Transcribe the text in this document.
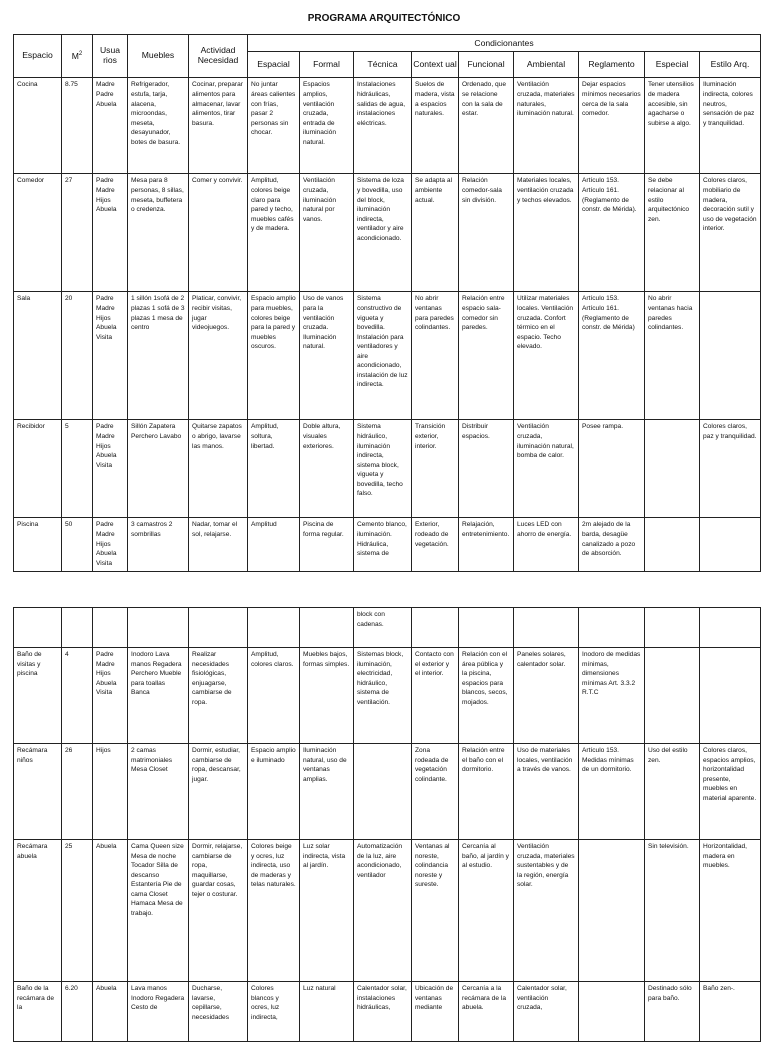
PROGRAMA ARQUITECTÓNICO
Espacio	$M^2$	Usua rios	Muebles	Actividad Necesidad	Condicionantes								
					Espacial	Formal	Técnica	Context ual	Funcional	Ambiental	Reglamento	Especial	Estilo Arq.
Cocina	8.75	Madre Padre Abuela	Refrigerador, estufa, tarja, alacena, microondas, meseta, desayunador, botes de basura.	Cocinar, preparar alimentos para almacenar, lavar alimentos, tirar basura.	No juntar áreas calientes con frías, pasar 2 personas sin chocar.	Espacios amplios, ventilación cruzada, entrada de iluminación natural.	Instalaciones hidráulicas, salidas de agua, instalaciones eléctricas.	Suelos de madera, vista a espacios naturales.	Ordenado, que se relacione con la sala de estar.	Ventilación cruzada, materiales naturales, iluminación natural.	Dejar espacios mínimos necesarios cerca de la sala comedor.	Tener utensilios de madera accesible, sin agacharse o subirse a algo.	Iluminación indirecta, colores neutros, sensación de paz y tranquilidad.
Comedor	27	Padre Madre Hijos Abuela	Mesa para 8 personas, 8 sillas, meseta, buffetera o credenza.	Comer y convivir.	Amplitud, colores beige claro para pared y techo, muebles cafés y de madera.	Ventilación cruzada, iluminación natural por vanos.	Sistema de loza y bovedilla, uso del block, iluminación indirecta, ventilador y aire acondicionado.	Se adapta al ambiente actual.	Relación comedor-sala sin división.	Materiales locales, ventilación cruzada y techos elevados.	Artículo 153. Artículo 161. (Reglamento de constr. de Mérida).	Se debe relacionar al estilo arquitectónico zen.	Colores claros, mobiliario de madera, decoración sutil y uso de vegetación interior.
Sala	20	Padre Madre Hijos Abuela Visita	1 sillón 1sofá de 2 plazas 1 sofá de 3 plazas 1 mesa de centro	Platicar, convivir, recibir visitas, jugar videojuegos.	Espacio amplio para muebles, colores beige para la pared y muebles oscuros.	Uso de vanos para la ventilación cruzada. Iluminación natural.	Sistema constructivo de vigueta y bovedilla. Instalación para ventiladores y aire acondicionado, instalación de luz indirecta.	No abrir ventanas para paredes colindantes.	Relación entre espacio sala-comedor sin paredes.	Utilizar materiales locales. Ventilación cruzada. Confort térmico en el espacio. Techo elevado.	Artículo 153. Artículo 161. (Reglamento de constr. de Mérida)	No abrir ventanas hacia paredes colindantes.	
Recibidor	5	Padre Madre Hijos Abuela Visita	Sillón Zapatera Perchero Lavabo	Quitarse zapatos o abrigo, lavarse las manos.	Amplitud, soltura, libertad.	Doble altura, visuales exteriores.	Sistema hidráulico, iluminación indirecta, sistema block, vigueta y bovedilla, techo falso.	Transición exterior, interior.	Distribuir espacios.	Ventilación cruzada, iluminación natural, bomba de calor.	Posee rampa.		Colores claros, paz y tranquilidad.
Piscina	50	Padre Madre Hijos Abuela Visita	3 camastros 2 sombrillas	Nadar, tomar el sol, relajarse.	Amplitud	Piscina de forma regular.	Cemento blanco, iluminación. Hidráulica, sistema de	Exterior, rodeado de vegetación.	Relajación, entretenimiento.	Luces LED con ahorro de energía.	2m alejado de la barda, desagüe canalizado a pozo de absorción.		
							block con cadenas.						
Baño de visitas y piscina	4	Padre Madre Hijos Abuela Visita	Inodoro Lava manos Regadera Perchero Mueble para toallas Banca	Realizar necesidades fisiológicas, enjuagarse, cambiarse de ropa.	Amplitud, colores claros.	Muebles bajos, formas simples.	Sistemas block, iluminación, electricidad, hidráulico, sistema de ventilación.	Contacto con el exterior y el interior.	Relación con el área pública y la piscina, espacios para blancos, secos, mojados.	Paneles solares, calentador solar.	Inodoro de medidas mínimas, dimensiones mínimas Art. 3.3.2 R.T.C		
Recámara niños	26	Hijos	2 camas matrimoniales Mesa Closet	Dormir, estudiar, cambiarse de ropa, descansar, jugar.	Espacio amplio e iluminado	Iluminación natural, uso de ventanas amplias.		Zona rodeada de vegetación colindante.	Relación entre el baño con el dormitorio.	Uso de materiales locales, ventilación a través de vanos.	Artículo 153. Medidas mínimas de un dormitorio.	Uso del estilo zen.	Colores claros, espacios amplios, horizontalidad presente, muebles en material aparente.
Recámara abuela	25	Abuela	Cama Queen size Mesa de noche Tocador Silla de descanso Estantería Pie de cama Closet Hamaca Mesa de trabajo.	Dormir, relajarse, cambiarse de ropa, maquillarse, guardar cosas, tejer o costurar.	Colores beige y ocres, luz indirecta, uso de maderas y telas naturales.	Luz solar indirecta, vista al jardín.	Automatización de la luz, aire acondicionado, ventilador	Ventanas al noreste, colindancia noreste y sureste.	Cercanía al baño, al jardín y al estudio.	Ventilación cruzada, materiales sustentables y de la región, energía solar.		Sin televisión.	Horizontalidad, madera en muebles.
Baño de la recámara de la	6.20	Abuela	Lava manos Inodoro Regadera Cesto de	Ducharse, lavarse, cepillarse, necesidades	Colores blancos y ocres, luz indirecta,	Luz natural	Calentador solar, instalaciones hidráulicas,	Ubicación de ventanas mediante	Cercanía a la recámara de la abuela.	Calentador solar, ventilación cruzada,		Destinado sólo para baño.	Baño zen-.
